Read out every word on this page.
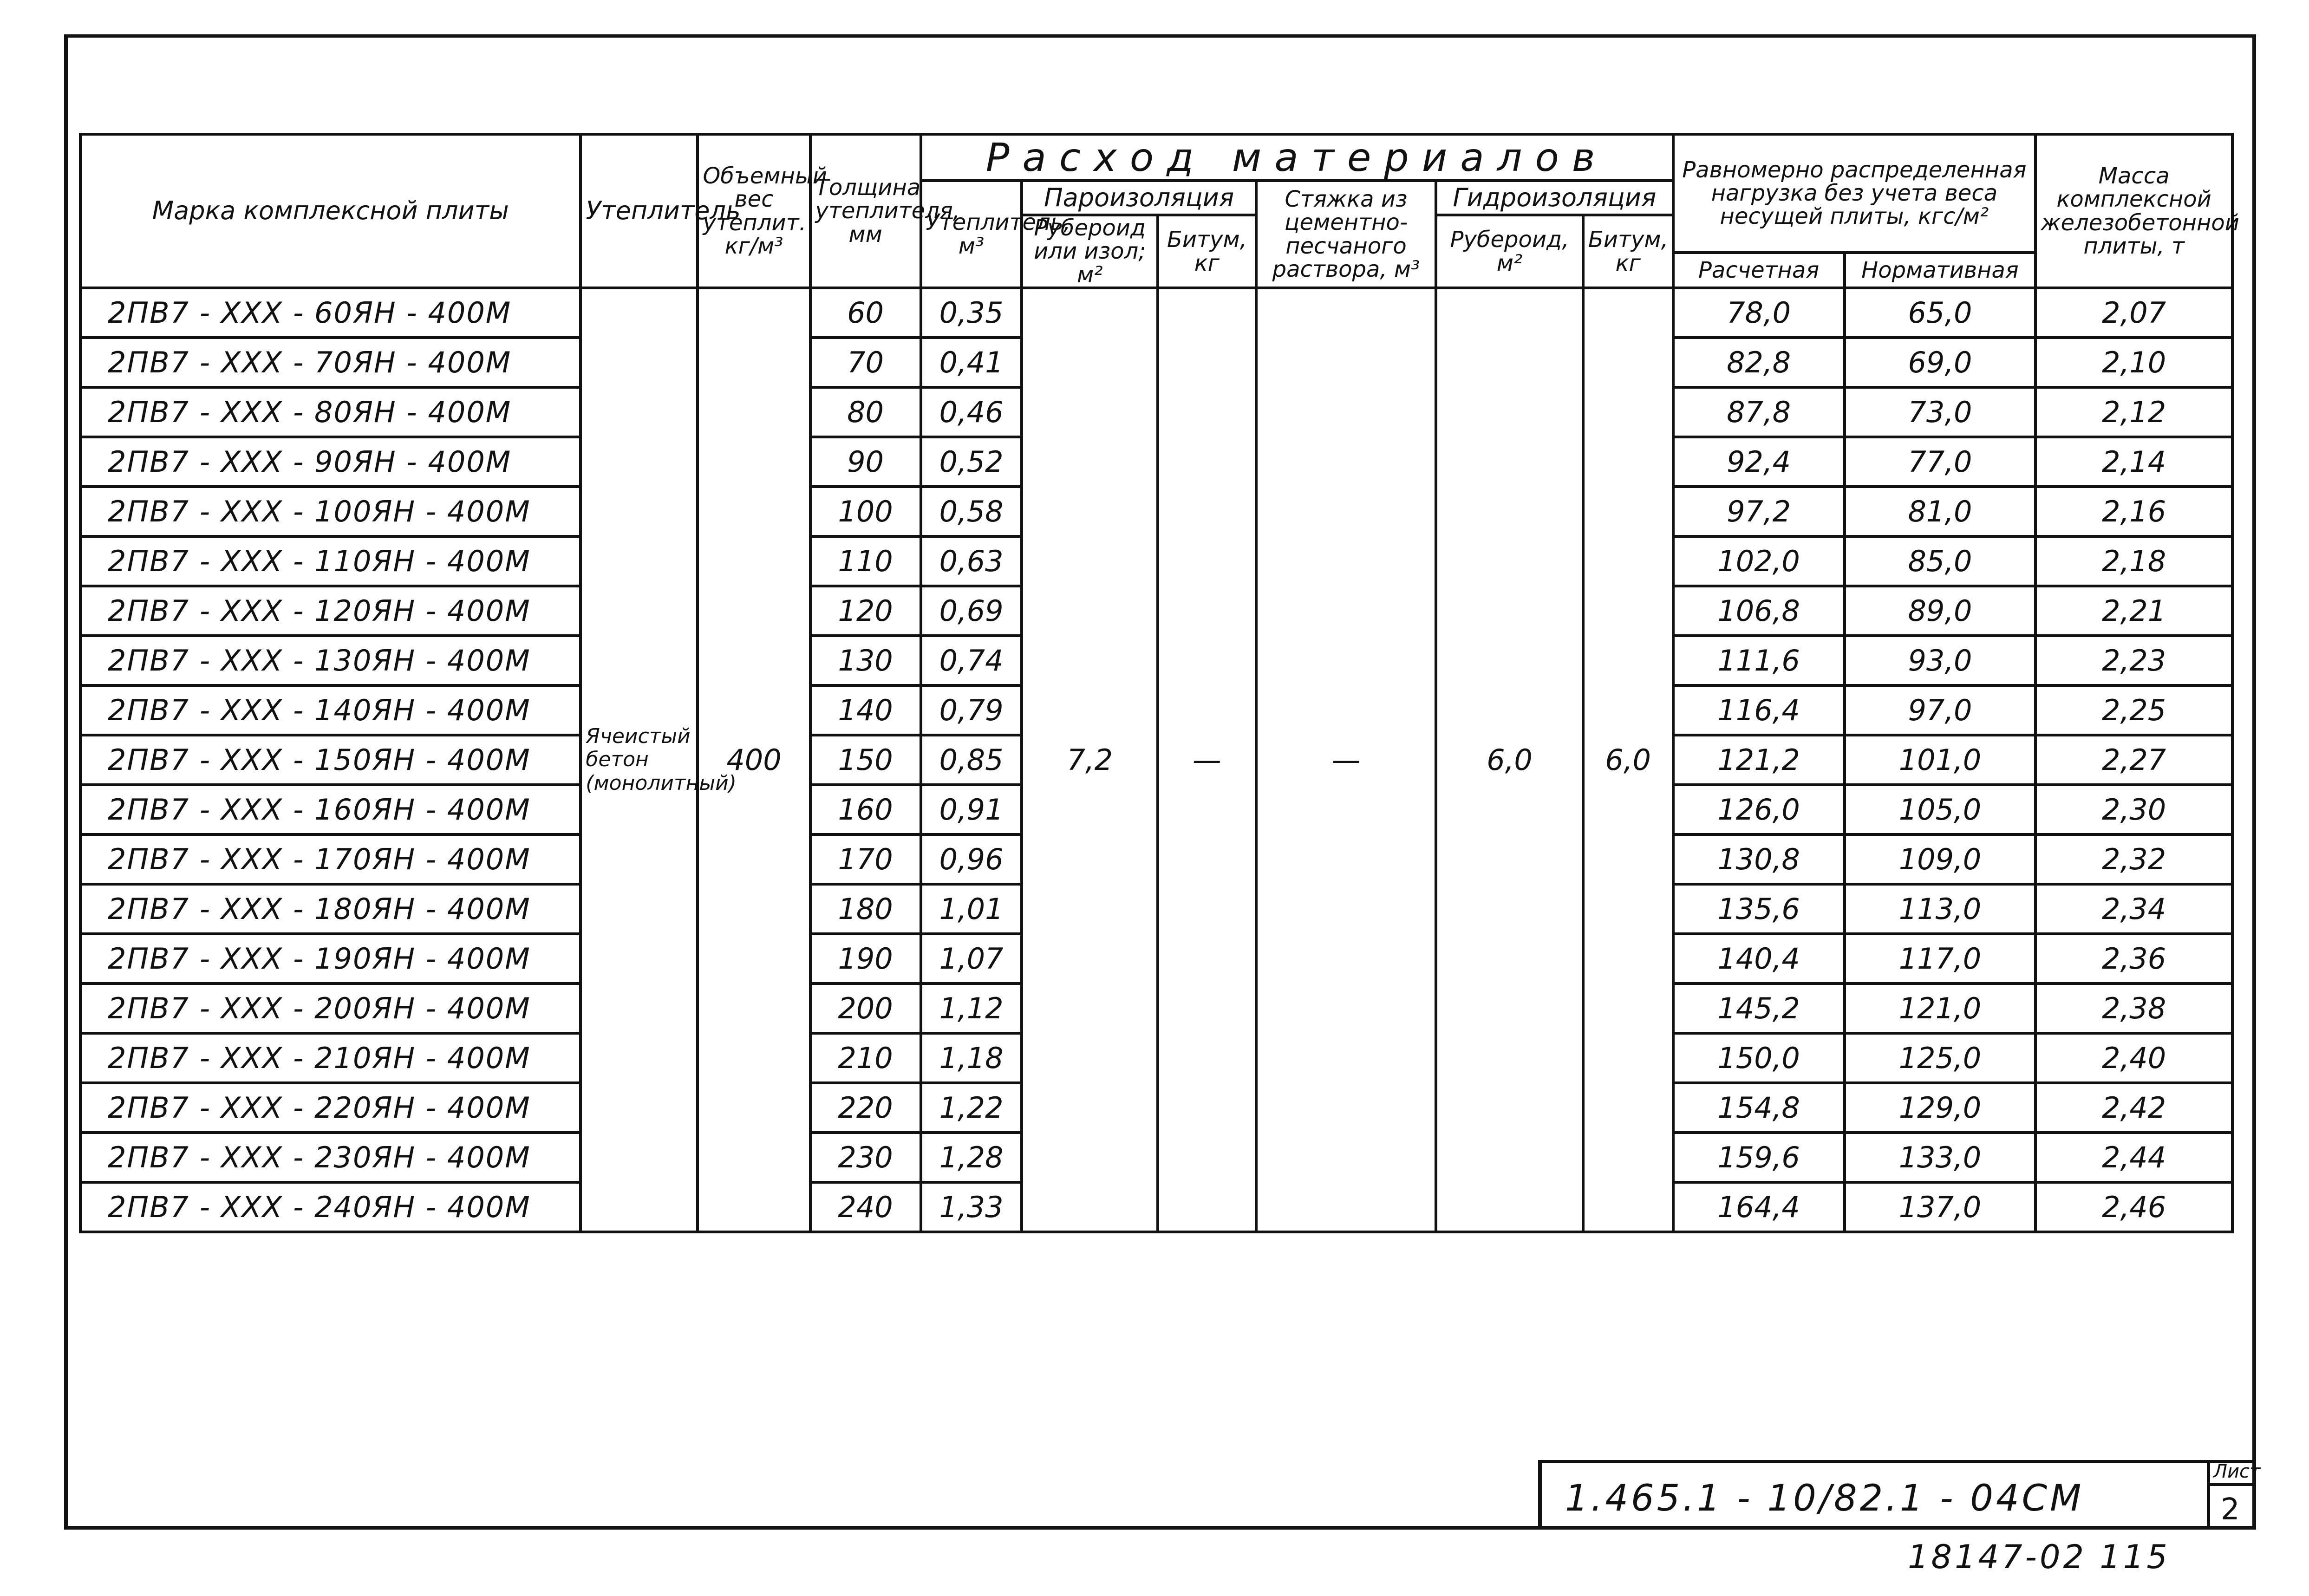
Марка комплексной плиты	Утеплитель	Объемный вес утеплит. кг/м³	Толщина утеплителя, мм	Расход материалов						Равномерно распределенная нагрузка без учета веса несущей плиты, кгс/м²		Масса комплексной железобетонной плиты, т
				Утеплитель, м³	Пароизоляция		Стяжка из цементно-песчаного раствора, м³	Гидроизоляция				
					Рубероид или изол; м²	Битум, кг		Рубероид, м²	Битум, кг			
										Расчетная	Нормативная	
2ПВ7 - ХХХ - 60ЯН - 400М	Ячеистый бетон (монолитный)	400	60	0,35	7,2	—	—	6,0	6,0	78,0	65,0	2,07
2ПВ7 - ХХХ - 70ЯН - 400М			70	0,41						82,8	69,0	2,10
2ПВ7 - ХХХ - 80ЯН - 400М			80	0,46						87,8	73,0	2,12
2ПВ7 - ХХХ - 90ЯН - 400М			90	0,52						92,4	77,0	2,14
2ПВ7 - ХХХ - 100ЯН - 400М			100	0,58						97,2	81,0	2,16
2ПВ7 - ХХХ - 110ЯН - 400М			110	0,63						102,0	85,0	2,18
2ПВ7 - ХХХ - 120ЯН - 400М			120	0,69						106,8	89,0	2,21
2ПВ7 - ХХХ - 130ЯН - 400М			130	0,74						111,6	93,0	2,23
2ПВ7 - ХХХ - 140ЯН - 400М			140	0,79						116,4	97,0	2,25
2ПВ7 - ХХХ - 150ЯН - 400М			150	0,85						121,2	101,0	2,27
2ПВ7 - ХХХ - 160ЯН - 400М			160	0,91						126,0	105,0	2,30
2ПВ7 - ХХХ - 170ЯН - 400М			170	0,96						130,8	109,0	2,32
2ПВ7 - ХХХ - 180ЯН - 400М			180	1,01						135,6	113,0	2,34
2ПВ7 - ХХХ - 190ЯН - 400М			190	1,07						140,4	117,0	2,36
2ПВ7 - ХХХ - 200ЯН - 400М			200	1,12						145,2	121,0	2,38
2ПВ7 - ХХХ - 210ЯН - 400М			210	1,18						150,0	125,0	2,40
2ПВ7 - ХХХ - 220ЯН - 400М			220	1,22						154,8	129,0	2,42
2ПВ7 - ХХХ - 230ЯН - 400М			230	1,28						159,6	133,0	2,44
2ПВ7 - ХХХ - 240ЯН - 400М			240	1,33						164,4	137,0	2,46
1.465.1 - 10/82.1 - 04СМ
Лист
2
18147-02 115
